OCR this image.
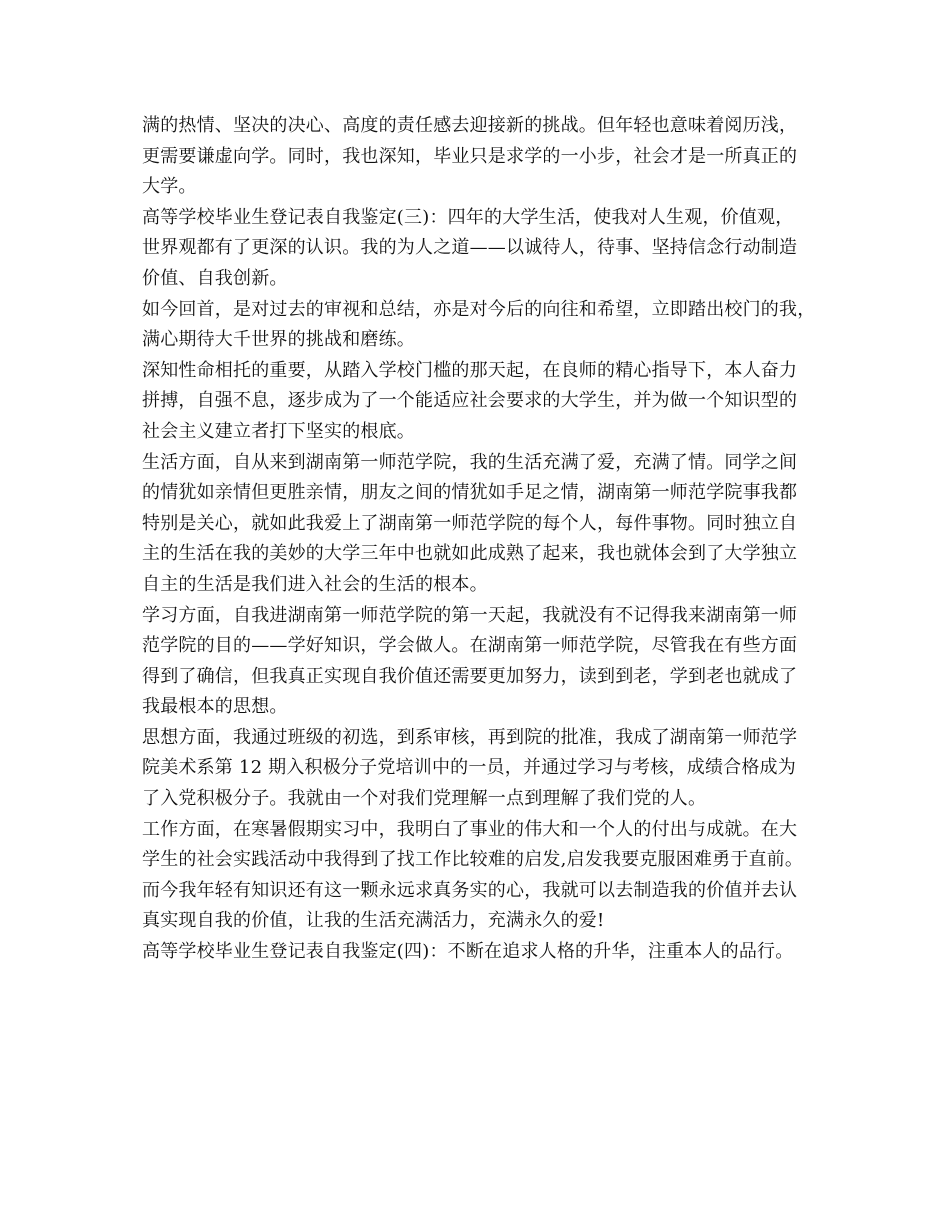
满的热情、坚决的决心、高度的责任感去迎接新的挑战。但年轻也意味着阅历浅，
更需要谦虚向学。同时，我也深知，毕业只是求学的一小步，社会才是一所真正的
大学。
高等学校毕业生登记表自我鉴定(三)：四年的大学生活，使我对人生观，价值观，
世界观都有了更深的认识。我的为人之道——以诚待人，待事、坚持信念行动制造
价值、自我创新。
如今回首，是对过去的审视和总结，亦是对今后的向往和希望，立即踏出校门的我，
满心期待大千世界的挑战和磨练。
深知性命相托的重要，从踏入学校门槛的那天起，在良师的精心指导下，本人奋力
拼搏，自强不息，逐步成为了一个能适应社会要求的大学生，并为做一个知识型的
社会主义建立者打下坚实的根底。
生活方面，自从来到湖南第一师范学院，我的生活充满了爱，充满了情。同学之间
的情犹如亲情但更胜亲情，朋友之间的情犹如手足之情，湖南第一师范学院事我都
特别是关心，就如此我爱上了湖南第一师范学院的每个人，每件事物。同时独立自
主的生活在我的美妙的大学三年中也就如此成熟了起来，我也就体会到了大学独立
自主的生活是我们进入社会的生活的根本。
学习方面，自我进湖南第一师范学院的第一天起，我就没有不记得我来湖南第一师
范学院的目的——学好知识，学会做人。在湖南第一师范学院，尽管我在有些方面
得到了确信，但我真正实现自我价值还需要更加努力，读到到老，学到老也就成了
我最根本的思想。
思想方面，我通过班级的初选，到系审核，再到院的批准，我成了湖南第一师范学
院美术系第 12 期入积极分子党培训中的一员，并通过学习与考核，成绩合格成为
了入党积极分子。我就由一个对我们党理解一点到理解了我们党的人。
工作方面，在寒暑假期实习中，我明白了事业的伟大和一个人的付出与成就。在大
学生的社会实践活动中我得到了找工作比较难的启发,启发我要克服困难勇于直前。
而今我年轻有知识还有这一颗永远求真务实的心，我就可以去制造我的价值并去认
真实现自我的价值，让我的生活充满活力，充满永久的爱!
高等学校毕业生登记表自我鉴定(四)：不断在追求人格的升华，注重本人的品行。
